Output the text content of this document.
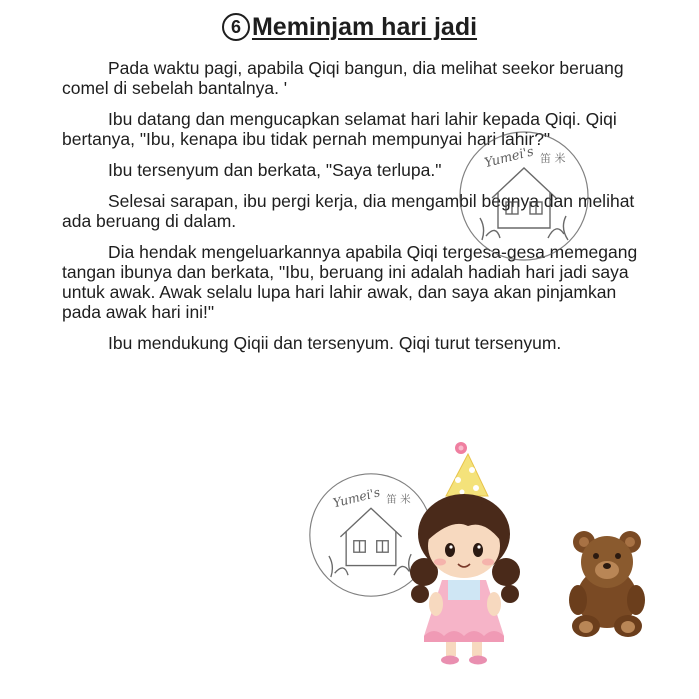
6 Meminjam hari jadi

Pada waktu pagi, apabila Qiqi bangun, dia melihat seekor beruang comel di sebelah bantalnya. '

Ibu datang dan mengucapkan selamat hari lahir kepada Qiqi. Qiqi bertanya, "Ibu, kenapa ibu tidak pernah mempunyai hari lahir?"

Ibu tersenyum dan berkata, "Saya terlupa."

Selesai sarapan, ibu pergi kerja, dia mengambil begnya dan melihat ada beruang di dalam.

Dia hendak mengeluarkannya apabila Qiqi tergesa-gesa memegang tangan ibunya dan berkata, "Ibu, beruang ini adalah hadiah hari jadi saya untuk awak. Awak selalu lupa hari lahir awak, dan saya akan pinjamkan pada awak hari ini!"

Ibu mendukung Qiqii dan tersenyum. Qiqi turut tersenyum.

Yumei's 笛 米
Yumei's 笛 米
